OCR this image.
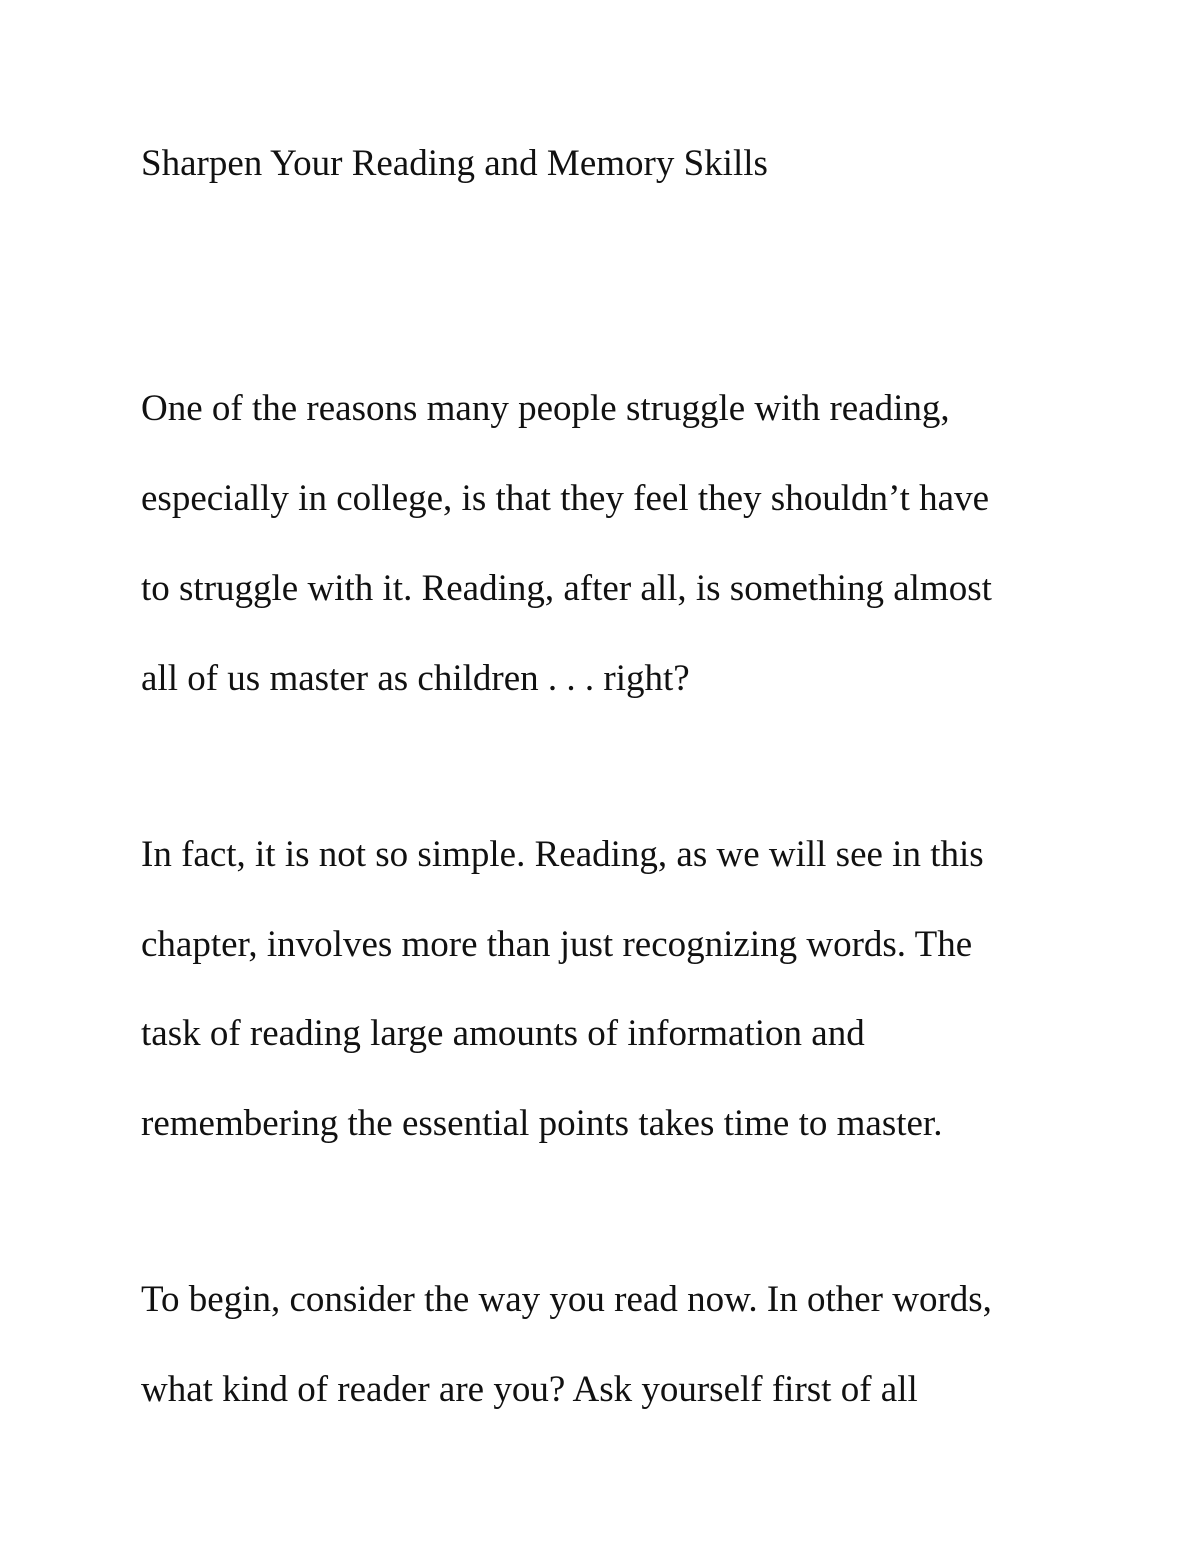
Sharpen Your Reading and Memory Skills
One of the reasons many people struggle with reading,
especially in college, is that they feel they shouldn’t have
to struggle with it. Reading, after all, is something almost
all of us master as children . . . right?
In fact, it is not so simple. Reading, as we will see in this
chapter, involves more than just recognizing words. The
task of reading large amounts of information and
remembering the essential points takes time to master.
To begin, consider the way you read now. In other words,
what kind of reader are you? Ask yourself first of all
